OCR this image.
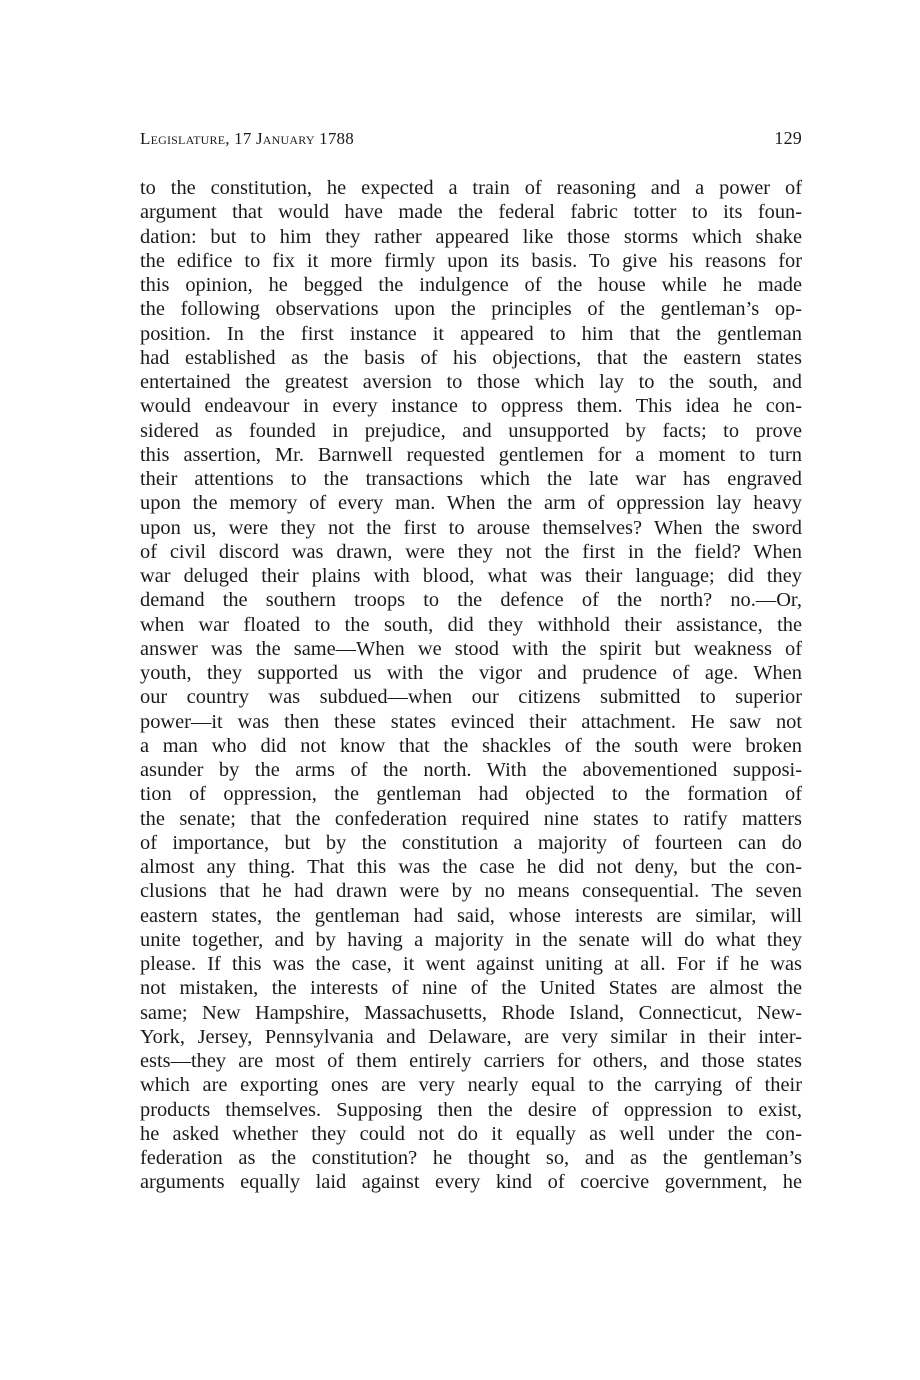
Legislature, 17 January 1788	129
to the constitution, he expected a train of reasoning and a power of
argument that would have made the federal fabric totter to its foun-
dation: but to him they rather appeared like those storms which shake
the edifice to fix it more firmly upon its basis. To give his reasons for
this opinion, he begged the indulgence of the house while he made
the following observations upon the principles of the gentleman’s op-
position. In the first instance it appeared to him that the gentleman
had established as the basis of his objections, that the eastern states
entertained the greatest aversion to those which lay to the south, and
would endeavour in every instance to oppress them. This idea he con-
sidered as founded in prejudice, and unsupported by facts; to prove
this assertion, Mr. Barnwell requested gentlemen for a moment to turn
their attentions to the transactions which the late war has engraved
upon the memory of every man. When the arm of oppression lay heavy
upon us, were they not the first to arouse themselves? When the sword
of civil discord was drawn, were they not the first in the field? When
war deluged their plains with blood, what was their language; did they
demand the southern troops to the defence of the north? no.—Or,
when war floated to the south, did they withhold their assistance, the
answer was the same—When we stood with the spirit but weakness of
youth, they supported us with the vigor and prudence of age. When
our country was subdued—when our citizens submitted to superior
power—it was then these states evinced their attachment. He saw not
a man who did not know that the shackles of the south were broken
asunder by the arms of the north. With the abovementioned supposi-
tion of oppression, the gentleman had objected to the formation of
the senate; that the confederation required nine states to ratify matters
of importance, but by the constitution a majority of fourteen can do
almost any thing. That this was the case he did not deny, but the con-
clusions that he had drawn were by no means consequential. The seven
eastern states, the gentleman had said, whose interests are similar, will
unite together, and by having a majority in the senate will do what they
please. If this was the case, it went against uniting at all. For if he was
not mistaken, the interests of nine of the United States are almost the
same; New Hampshire, Massachusetts, Rhode Island, Connecticut, New-
York, Jersey, Pennsylvania and Delaware, are very similar in their inter-
ests—they are most of them entirely carriers for others, and those states
which are exporting ones are very nearly equal to the carrying of their
products themselves. Supposing then the desire of oppression to exist,
he asked whether they could not do it equally as well under the con-
federation as the constitution? he thought so, and as the gentleman’s
arguments equally laid against every kind of coercive government, he
